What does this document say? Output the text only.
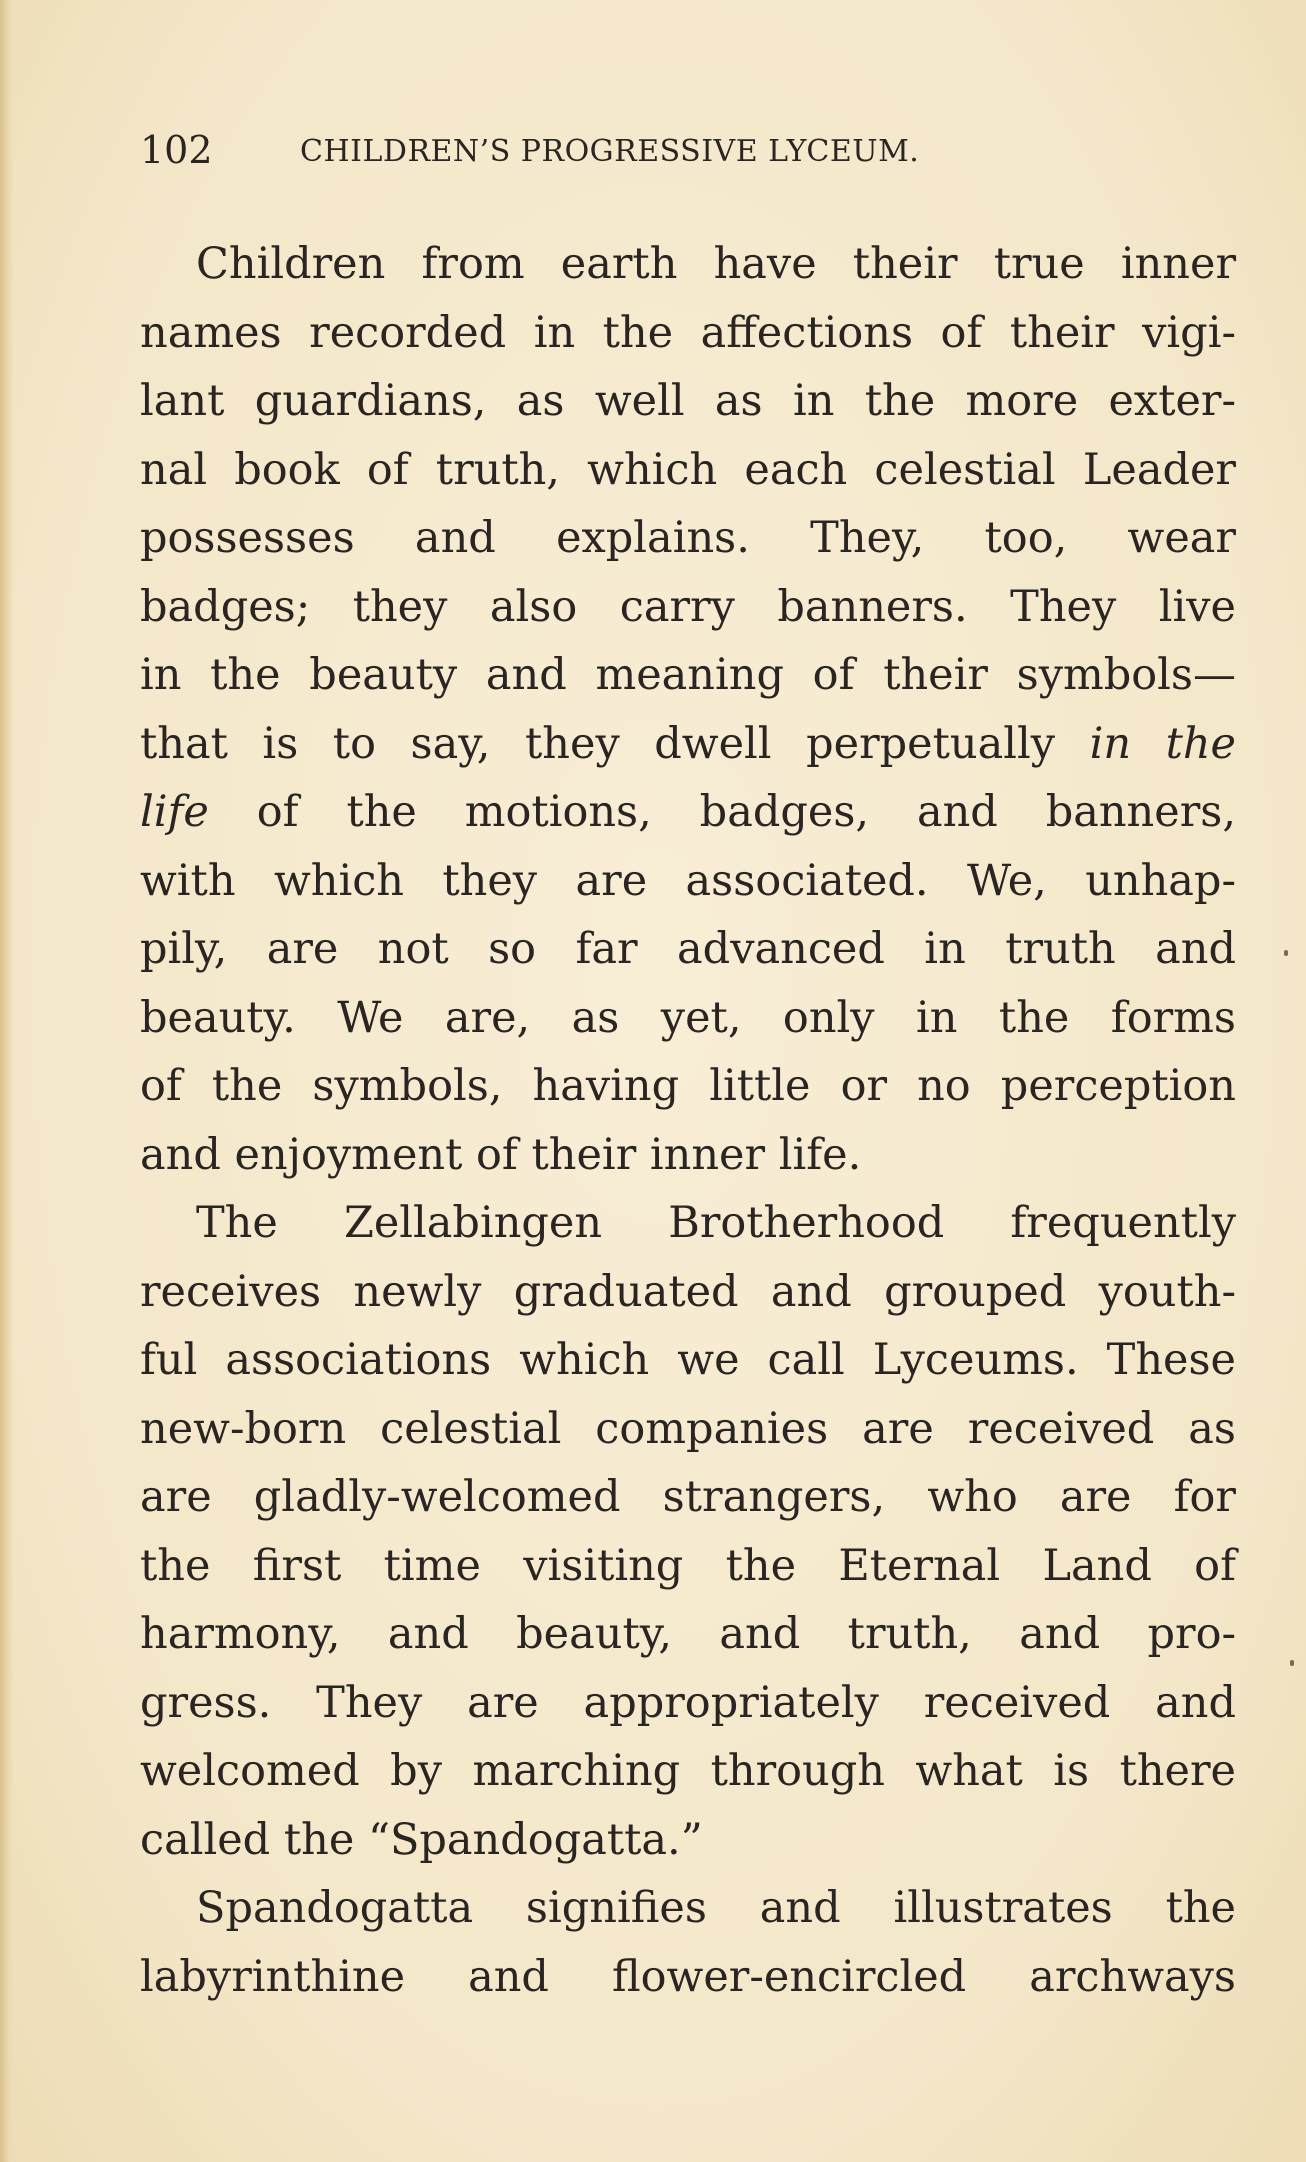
102	CHILDREN’S PROGRESSIVE LYCEUM.
Children from earth have their true inner
names recorded in the affections of their vigi-
lant guardians, as well as in the more exter-
nal book of truth, which each celestial Leader
possesses and explains. They, too, wear
badges; they also carry banners. They live
in the beauty and meaning of their symbols—
that is to say, they dwell perpetually in the
life of the motions, badges, and banners,
with which they are associated. We, unhap-
pily, are not so far advanced in truth and
beauty. We are, as yet, only in the forms
of the symbols, having little or no perception
and enjoyment of their inner life.
The Zellabingen Brotherhood frequently
receives newly graduated and grouped youth-
ful associations which we call Lyceums. These
new-born celestial companies are received as
are gladly-welcomed strangers, who are for
the first time visiting the Eternal Land of
harmony, and beauty, and truth, and pro-
gress. They are appropriately received and
welcomed by marching through what is there
called the “Spandogatta.”
Spandogatta signifies and illustrates the
labyrinthine and flower-encircled archways
